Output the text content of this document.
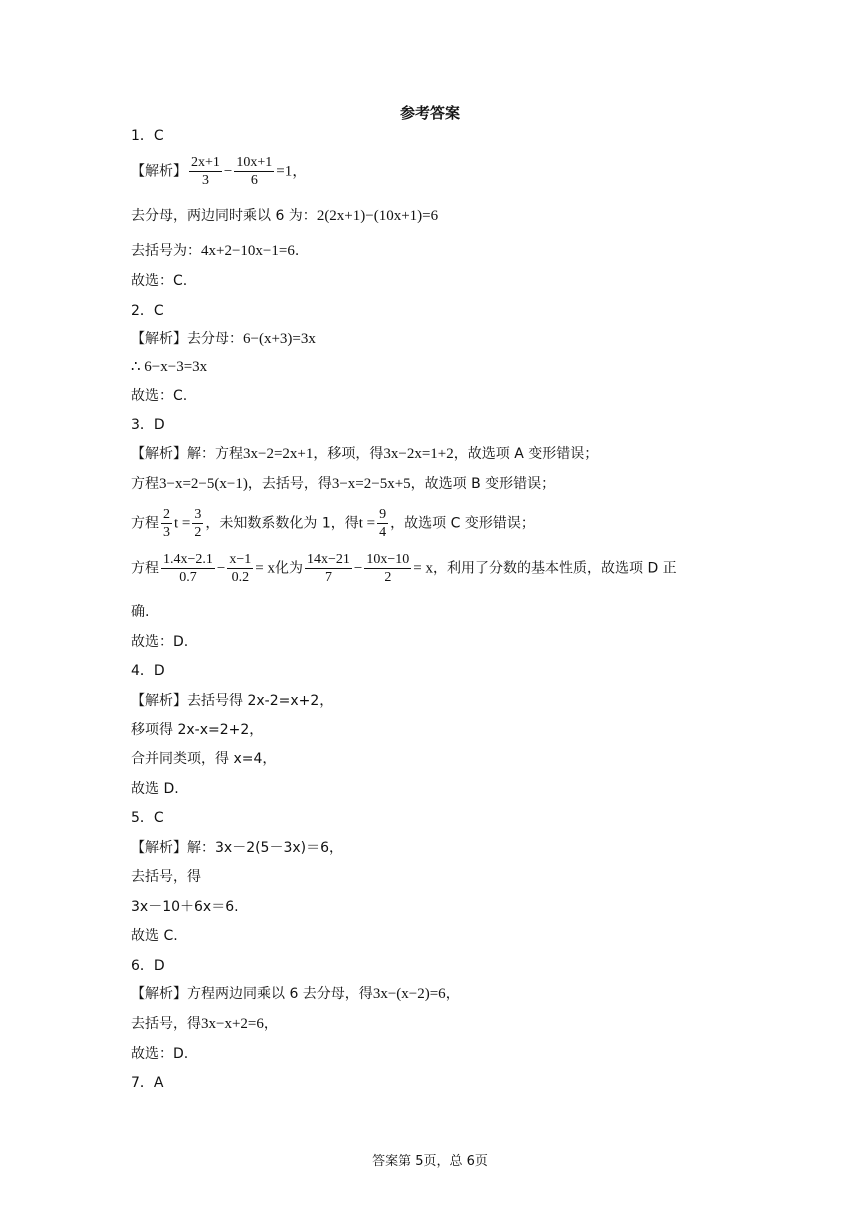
参考答案
1．C
【解析】 $\frac{2x+1}{3} - \frac{10x+1}{6} =1$，
去分母，两边同时乘以 6 为：2(2x+1)−(10x+1)=6
去括号为：4x+2−10x−1=6.
故选：C.
2．C
【解析】去分母：6−(x+3)=3x
∴ 6−x−3=3x
故选：C.
3．D
【解析】解：方程3x−2=2x+1，移项，得3x−2x=1+2，故选项 A 变形错误；
方程3−x=2−5(x−1)，去括号，得3−x=2−5x+5，故选项 B 变形错误；
方程 $\frac{2}{3}$ $t = \frac{3}{2}$ ，未知数系数化为 1，得$t = \frac{9}{4}$ ，故选项 C 变形错误；
方程 $\frac{1.4x-2.1}{0.7} - \frac{x-1}{0.2} = x$化为 $\frac{14x-21}{7} - \frac{10x-10}{2} = x$，利用了分数的基本性质，故选项 D 正
确.
故选：D.
4．D
【解析】去括号得 2x-2=x+2，
移项得 2x-x=2+2，
合并同类项，得 x=4，
故选 D.
5．C
【解析】解：3x－2(5－3x)＝6，
去括号，得
3x－10＋6x＝6.
故选 C.
6．D
【解析】方程两边同乘以 6 去分母，得3x−(x−2)=6，
去括号，得3x−x+2=6，
故选：D.
7．A
答案第 5页，总 6页
